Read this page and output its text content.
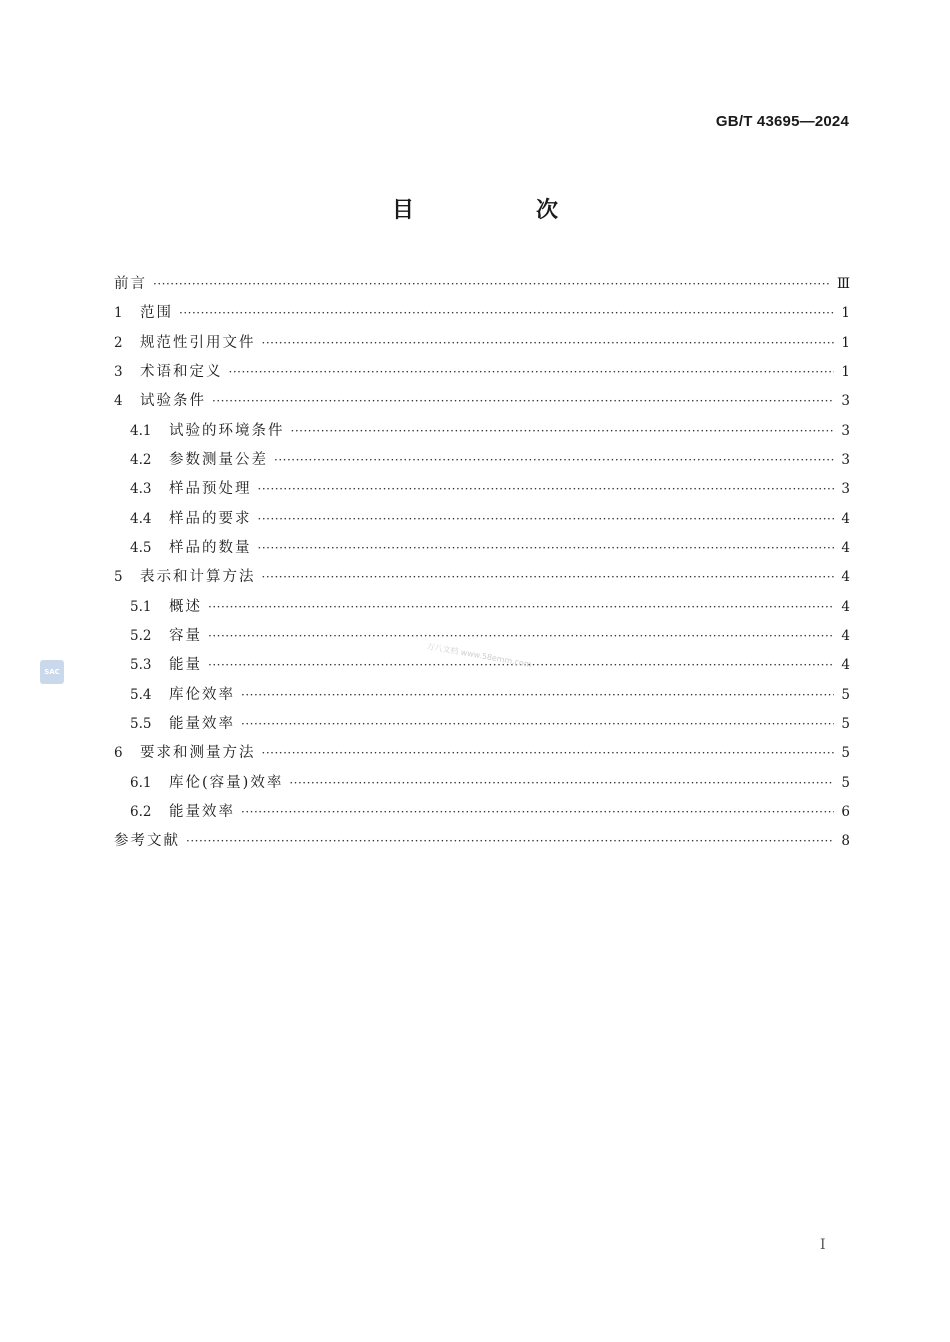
GB/T 43695—2024
目　次
前言 ·····	Ⅲ
1	范围 ·····	1
2	规范性引用文件 ·····	1
3	术语和定义 ·····	1
4	试验条件 ·····	3
4.1	试验的环境条件 ·····	3
4.2	参数测量公差 ·····	3
4.3	样品预处理 ·····	3
4.4	样品的要求 ·····	4
4.5	样品的数量 ·····	4
5	表示和计算方法 ·····	4
5.1	概述 ·····	4
5.2	容量 ·····	4
5.3	能量 ·····	4
5.4	库伦效率 ·····	5
5.5	能量效率 ·····	5
6	要求和测量方法 ·····	5
6.1	库伦(容量)效率 ·····	5
6.2	能量效率 ·····	6
参考文献 ·····	8
万八文档 www.58emm.com
SAC
I
